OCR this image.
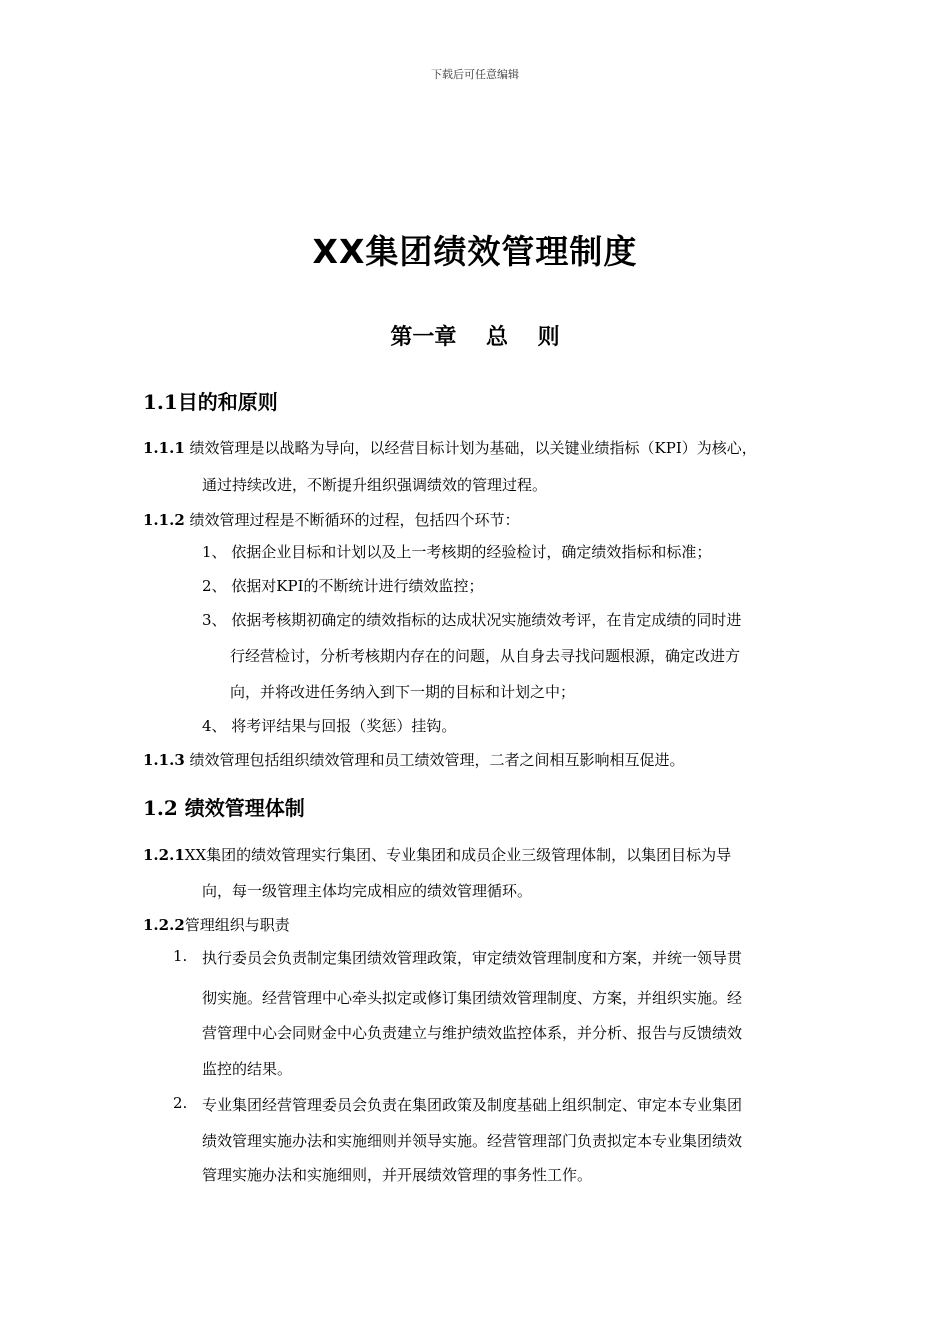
下载后可任意编辑
XX集团绩效管理制度
第一章　 总　 则
1.1目的和原则
1.1.1 绩效管理是以战略为导向，以经营目标计划为基础，以关键业绩指标（KPI）为核心，
通过持续改进，不断提升组织强调绩效的管理过程。
1.1.2 绩效管理过程是不断循环的过程，包括四个环节：
1、 依据企业目标和计划以及上一考核期的经验检讨，确定绩效指标和标准；
2、 依据对KPI的不断统计进行绩效监控；
3、 依据考核期初确定的绩效指标的达成状况实施绩效考评，在肯定成绩的同时进
行经营检讨，分析考核期内存在的问题，从自身去寻找问题根源，确定改进方
向，并将改进任务纳入到下一期的目标和计划之中；
4、 将考评结果与回报（奖惩）挂钩。
1.1.3 绩效管理包括组织绩效管理和员工绩效管理，二者之间相互影响相互促进。
1.2 绩效管理体制
1.2.1XX集团的绩效管理实行集团、专业集团和成员企业三级管理体制，以集团目标为导
向，每一级管理主体均完成相应的绩效管理循环。
1.2.2管理组织与职责
1. 执行委员会负责制定集团绩效管理政策，审定绩效管理制度和方案，并统一领导贯
彻实施。经营管理中心牵头拟定或修订集团绩效管理制度、方案，并组织实施。经
营管理中心会同财金中心负责建立与维护绩效监控体系，并分析、报告与反馈绩效
监控的结果。
2. 专业集团经营管理委员会负责在集团政策及制度基础上组织制定、审定本专业集团
绩效管理实施办法和实施细则并领导实施。经营管理部门负责拟定本专业集团绩效
管理实施办法和实施细则，并开展绩效管理的事务性工作。
